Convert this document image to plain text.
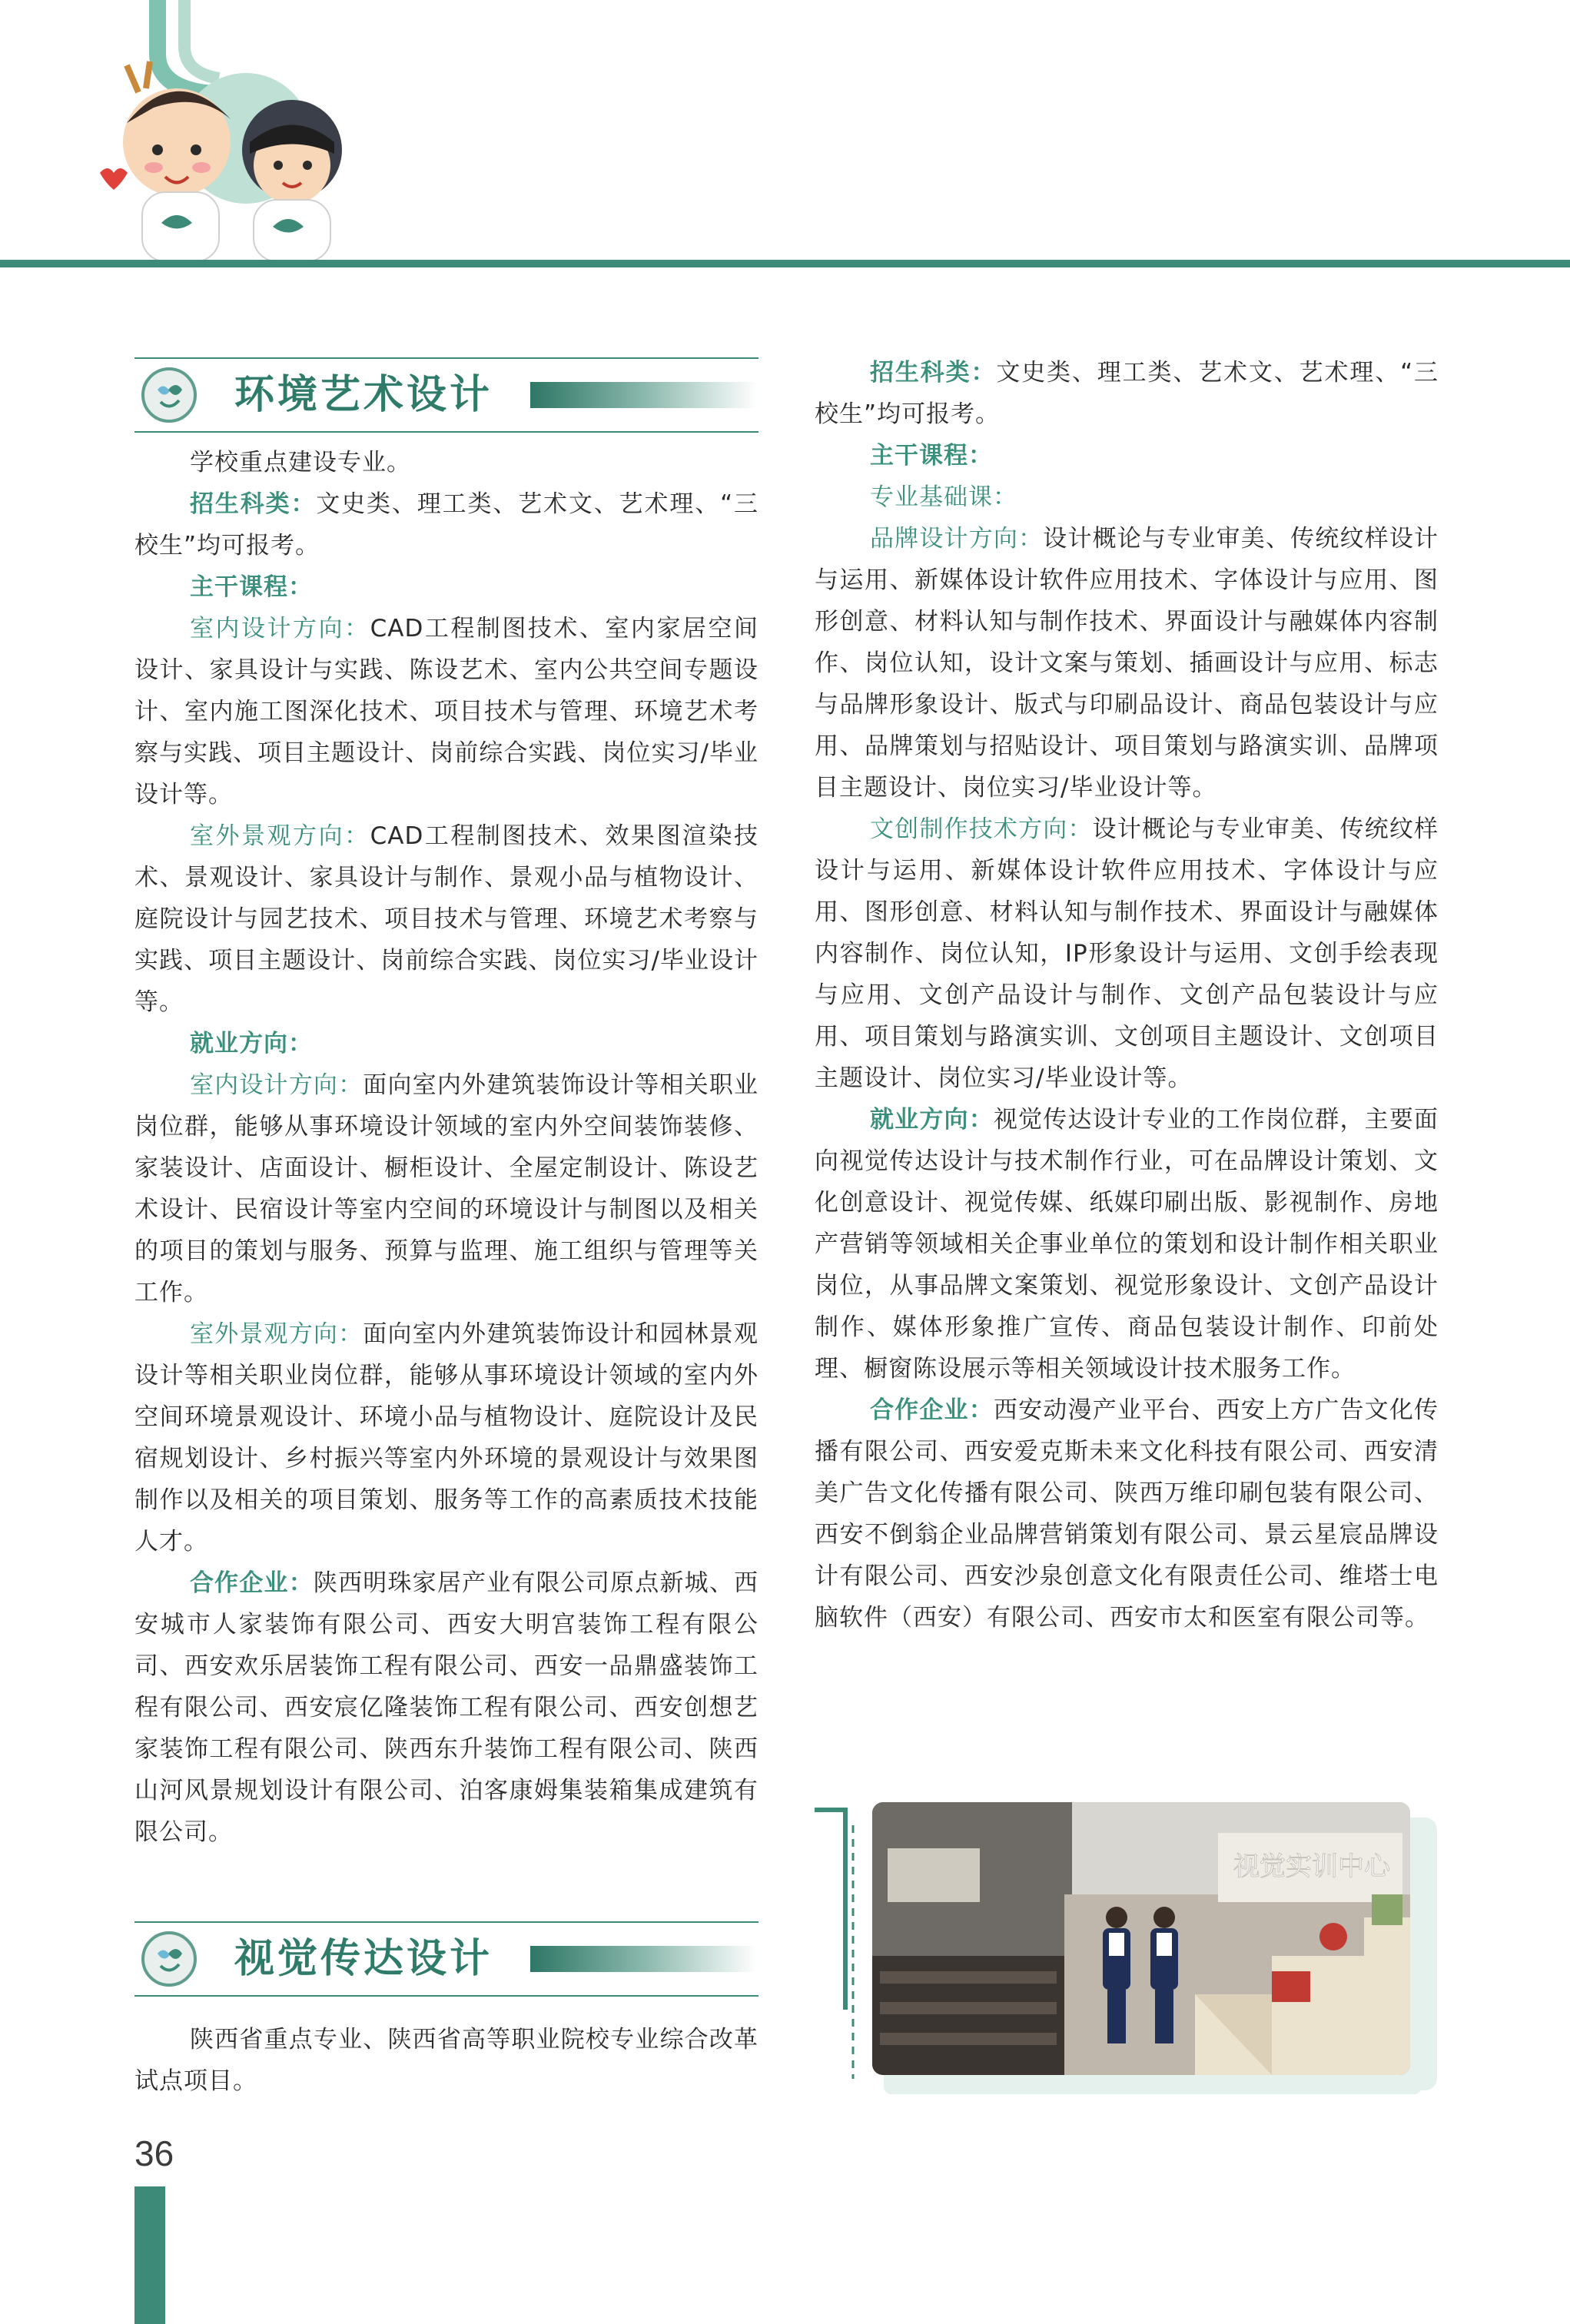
环境艺术设计

学校重点建设专业。

招生科类：文史类、理工类、艺术文、艺术理、“三校生”均可报考。

主干课程：

室内设计方向：CAD工程制图技术、室内家居空间设计、家具设计与实践、陈设艺术、室内公共空间专题设计、室内施工图深化技术、项目技术与管理、环境艺术考察与实践、项目主题设计、岗前综合实践、岗位实习/毕业设计等。

室外景观方向：CAD工程制图技术、效果图渲染技术、景观设计、家具设计与制作、景观小品与植物设计、庭院设计与园艺技术、项目技术与管理、环境艺术考察与实践、项目主题设计、岗前综合实践、岗位实习/毕业设计等。

就业方向：

室内设计方向：面向室内外建筑装饰设计等相关职业岗位群，能够从事环境设计领域的室内外空间装饰装修、家装设计、店面设计、橱柜设计、全屋定制设计、陈设艺术设计、民宿设计等室内空间的环境设计与制图以及相关的项目的策划与服务、预算与监理、施工组织与管理等关工作。

室外景观方向：面向室内外建筑装饰设计和园林景观设计等相关职业岗位群，能够从事环境设计领域的室内外空间环境景观设计、环境小品与植物设计、庭院设计及民宿规划设计、乡村振兴等室内外环境的景观设计与效果图制作以及相关的项目策划、服务等工作的高素质技术技能人才。

合作企业：陕西明珠家居产业有限公司原点新城、西安城市人家装饰有限公司、西安大明宫装饰工程有限公司、西安欢乐居装饰工程有限公司、西安一品鼎盛装饰工程有限公司、西安宸亿隆装饰工程有限公司、西安创想艺家装饰工程有限公司、陕西东升装饰工程有限公司、陕西山河风景规划设计有限公司、泊客康姆集装箱集成建筑有限公司。

视觉传达设计

陕西省重点专业、陕西省高等职业院校专业综合改革试点项目。

招生科类：文史类、理工类、艺术文、艺术理、“三校生”均可报考。

主干课程：

专业基础课：

品牌设计方向：设计概论与专业审美、传统纹样设计与运用、新媒体设计软件应用技术、字体设计与应用、图形创意、材料认知与制作技术、界面设计与融媒体内容制作、岗位认知，设计文案与策划、插画设计与应用、标志与品牌形象设计、版式与印刷品设计、商品包装设计与应用、品牌策划与招贴设计、项目策划与路演实训、品牌项目主题设计、岗位实习/毕业设计等。

文创制作技术方向：设计概论与专业审美、传统纹样设计与运用、新媒体设计软件应用技术、字体设计与应用、图形创意、材料认知与制作技术、界面设计与融媒体内容制作、岗位认知，IP形象设计与运用、文创手绘表现与应用、文创产品设计与制作、文创产品包装设计与应用、项目策划与路演实训、文创项目主题设计、文创项目主题设计、岗位实习/毕业设计等。

就业方向：视觉传达设计专业的工作岗位群，主要面向视觉传达设计与技术制作行业，可在品牌设计策划、文化创意设计、视觉传媒、纸媒印刷出版、影视制作、房地产营销等领域相关企事业单位的策划和设计制作相关职业岗位，从事品牌文案策划、视觉形象设计、文创产品设计制作、媒体形象推广宣传、商品包装设计制作、印前处理、橱窗陈设展示等相关领域设计技术服务工作。

合作企业：西安动漫产业平台、西安上方广告文化传播有限公司、西安爱克斯未来文化科技有限公司、西安清美广告文化传播有限公司、陕西万维印刷包装有限公司、西安不倒翁企业品牌营销策划有限公司、景云星宸品牌设计有限公司、西安沙泉创意文化有限责任公司、维塔士电脑软件（西安）有限公司、西安市太和医室有限公司等。

视觉实训中心
36
